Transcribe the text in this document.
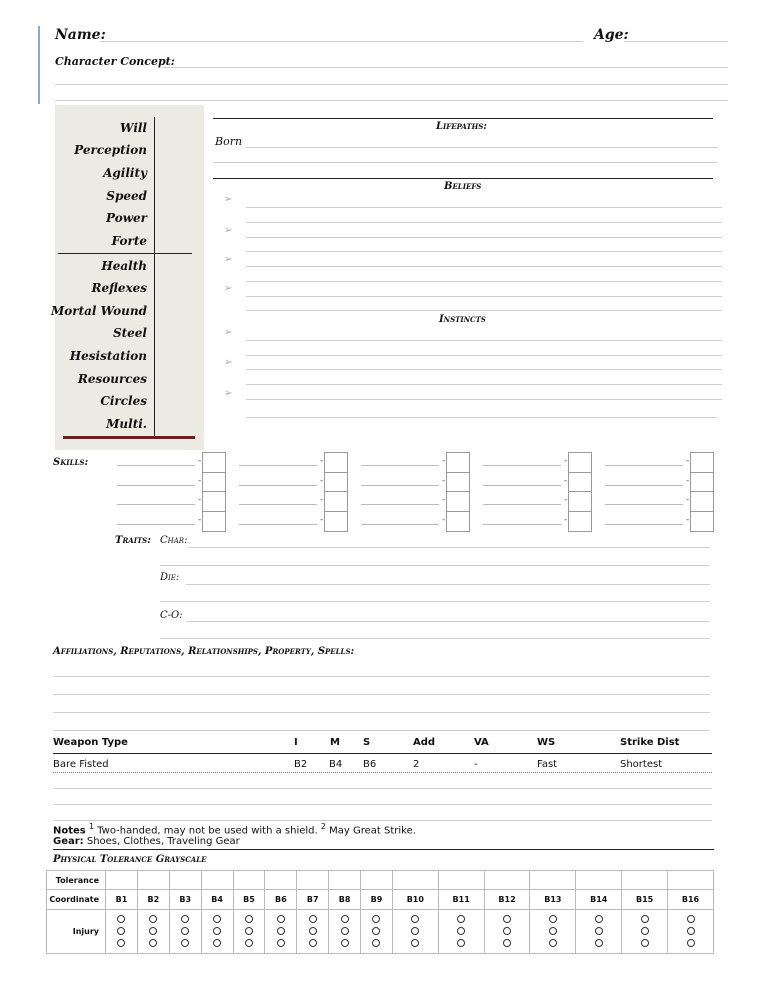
Name:	Age:
Character Concept:
Will
Perception
Agility
Speed
Power
Forte
Health
Reflexes
Mortal Wound
Steel
Hesistation
Resources
Circles
Multi.
Lifepaths:
Born
Beliefs
➢
➢
➢
➢
Instincts
➢
➢
➢
Skills:	-
-
-
-
-
-
-
-
-
-
-
-
-
-
-
-
-
-
-
-
Traits: Char:
Die:
C-O:
Affiliations, Reputations, Relationships, Property, Spells:
Weapon Type	I	M S	Add	VA	WS	Strike Dist
Bare Fisted	B2 B4 B6	2	-	Fast	Shortest
Notes $^1$ Two-handed, may not be used with a shield. $^2$ May Great Strike.
Gear: Shoes, Clothes, Traveling Gear
Physical Tolerance Grayscale
Tolerance																
Coordinate	B1	B2	B3	B4	B5	B6	B7	B8	B9	B10	B11	B12	B13	B14	B15	B16
Injury	
